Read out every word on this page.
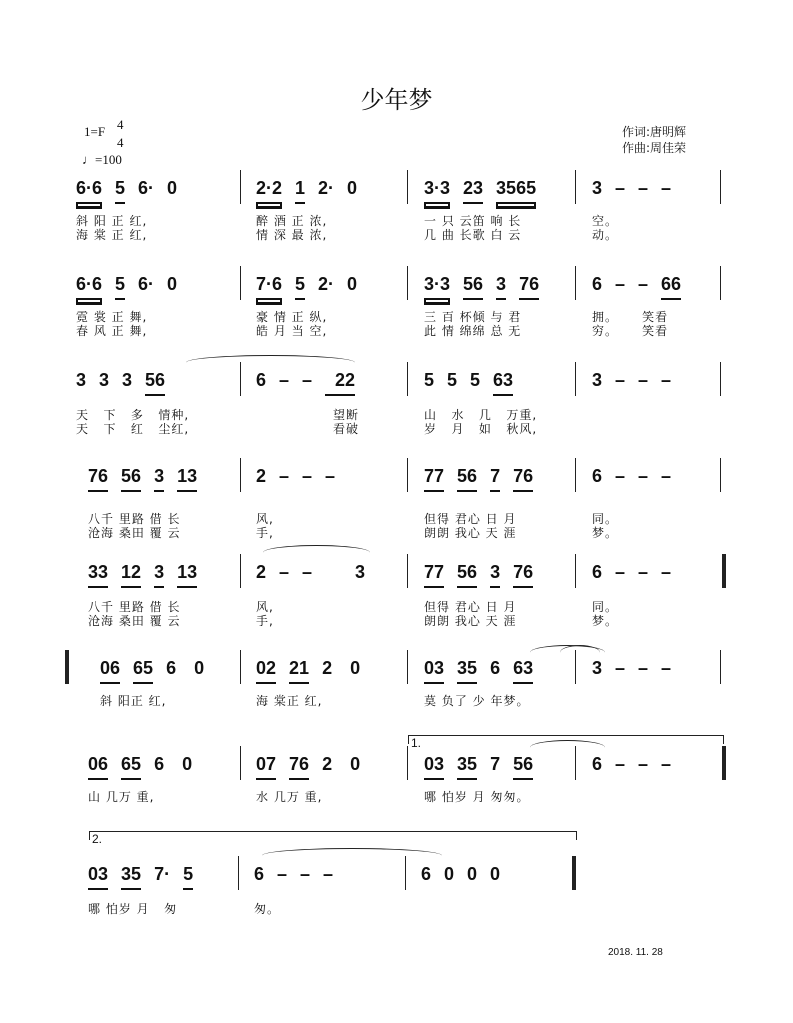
少年梦
1=F 4
4
♩=100
作词:唐明辉
作曲:周佳荣
1.
2.
2018. 11. 28
6·6 5 6· 0
斜 阳 正 红,
海 棠 正 红,
2·2 1 2· 0
醉 酒 正 浓,
情 深 最 浓,
3·3 23 3565
一 只 云笛 响 长
几 曲 长歌 白 云
3 – – –
空。
动。
6·6 5 6· 0
霓 裳 正 舞,
春 风 正 舞,
7·6 5 2· 0
豪 情 正 纵,
皓 月 当 空,
3·3 56 3 76
三 百 杯倾 与 君
此 情 绵绵 总 无
6 – – 66
拥。     笑看
穷。     笑看
3 3 3 56
天   下   多   情种,
天   下   红   尘红,
6 – – 22
望断
看破
5 5 5 63
山   水   几   万重,
岁   月   如   秋风,
3 – – –
76 56 3 13
八千 里路 借 长
沧海 桑田 覆 云
2 – – –
风,
手,
77 56 7 76
但得 君心 日 月
朗朗 我心 天 涯
6 – – –
同。
梦。
33 12 3 13
八千 里路 借 长
沧海 桑田 覆 云
2 – – 3
风,
手,
77 56 3 76
但得 君心 日 月
朗朗 我心 天 涯
6 – – –
同。
梦。
06 65 6 0
斜 阳正 红,
02 21 2 0
海 棠正 红,
03 35 6 63
莫 负了 少 年梦。
3 – – –
06 65 6 0
山 几万 重,
07 76 2 0
水 几万 重,
03 35 7 56
哪 怕岁 月 匆匆。
6 – – –
03 35 7· 5
哪 怕岁 月   匆
6 – – –
匆。
6 0 0 0
